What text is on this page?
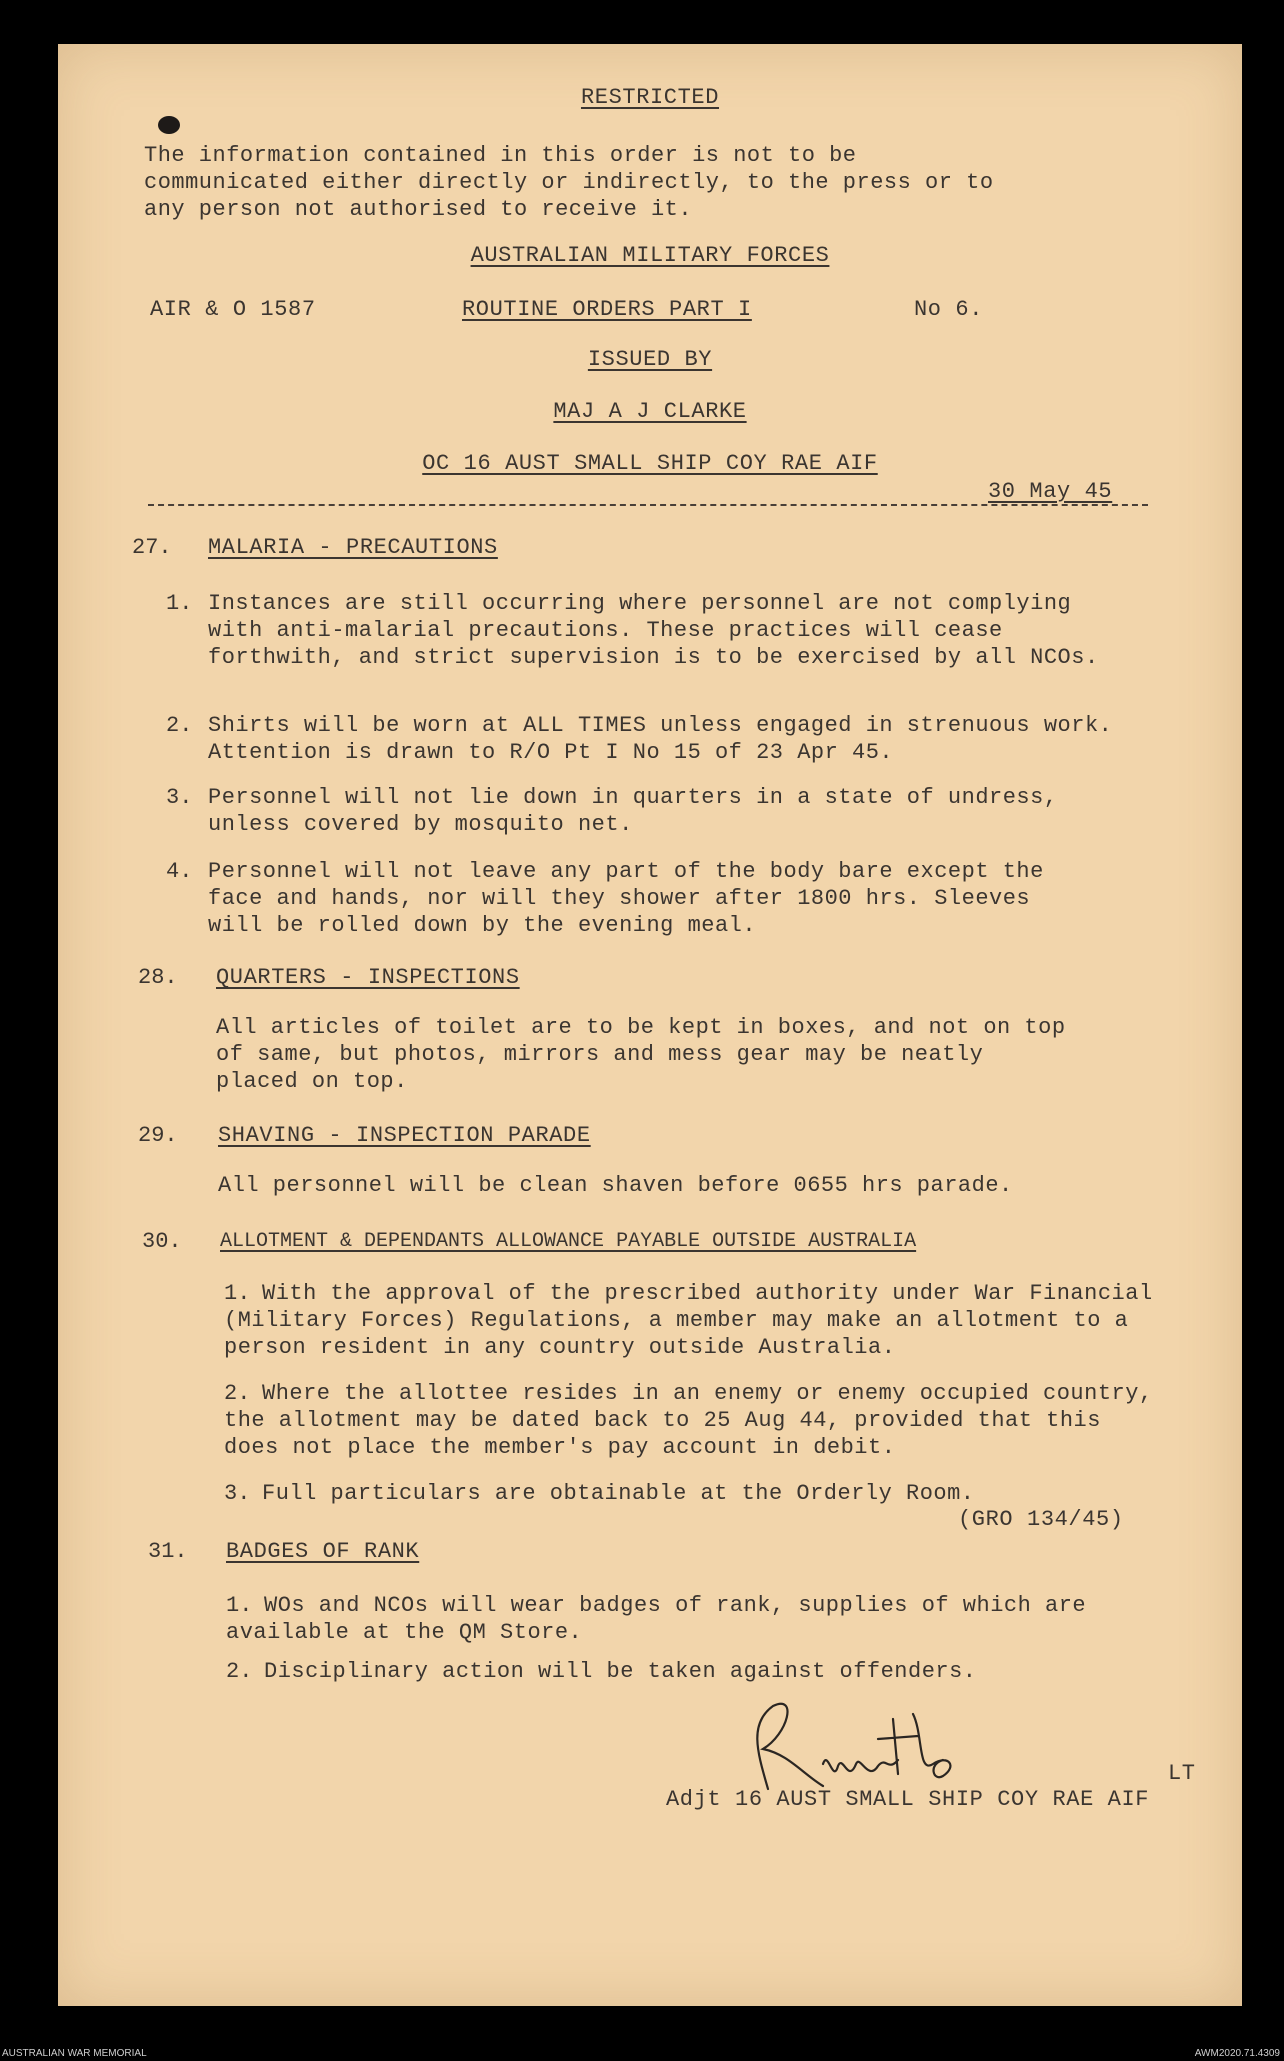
RESTRICTED
The information contained in this order is not to be communicated either directly or indirectly, to the press or to any person not authorised to receive it.
AUSTRALIAN MILITARY FORCES
AIR & O 1587	ROUTINE ORDERS PART I	No 6.
ISSUED BY
MAJ A J CLARKE
OC 16 AUST SMALL SHIP COY RAE AIF
30 May 45
27. MALARIA - PRECAUTIONS
1. Instances are still occurring where personnel are not complying with anti-malarial precautions. These practices will cease forthwith, and strict supervision is to be exercised by all NCOs.
2. Shirts will be worn at ALL TIMES unless engaged in strenuous work. Attention is drawn to R/O Pt I No 15 of 23 Apr 45.
3. Personnel will not lie down in quarters in a state of undress, unless covered by mosquito net.
4. Personnel will not leave any part of the body bare except the face and hands, nor will they shower after 1800 hrs. Sleeves will be rolled down by the evening meal.
28. QUARTERS - INSPECTIONS
All articles of toilet are to be kept in boxes, and not on top of same, but photos, mirrors and mess gear may be neatly placed on top.
29. SHAVING - INSPECTION PARADE
All personnel will be clean shaven before 0655 hrs parade.
30. ALLOTMENT & DEPENDANTS ALLOWANCE PAYABLE OUTSIDE AUSTRALIA
1. With the approval of the prescribed authority under War Financial (Military Forces) Regulations, a member may make an allotment to a person resident in any country outside Australia.
2. Where the allottee resides in an enemy or enemy occupied country, the allotment may be dated back to 25 Aug 44, provided that this does not place the member's pay account in debit.
3. Full particulars are obtainable at the Orderly Room.
(GRO 134/45)
31. BADGES OF RANK
1. WOs and NCOs will wear badges of rank, supplies of which are available at the QM Store.
2. Disciplinary action will be taken against offenders.
LT
Adjt 16 AUST SMALL SHIP COY RAE AIF
AUSTRALIAN WAR MEMORIAL	AWM2020.71.4309
